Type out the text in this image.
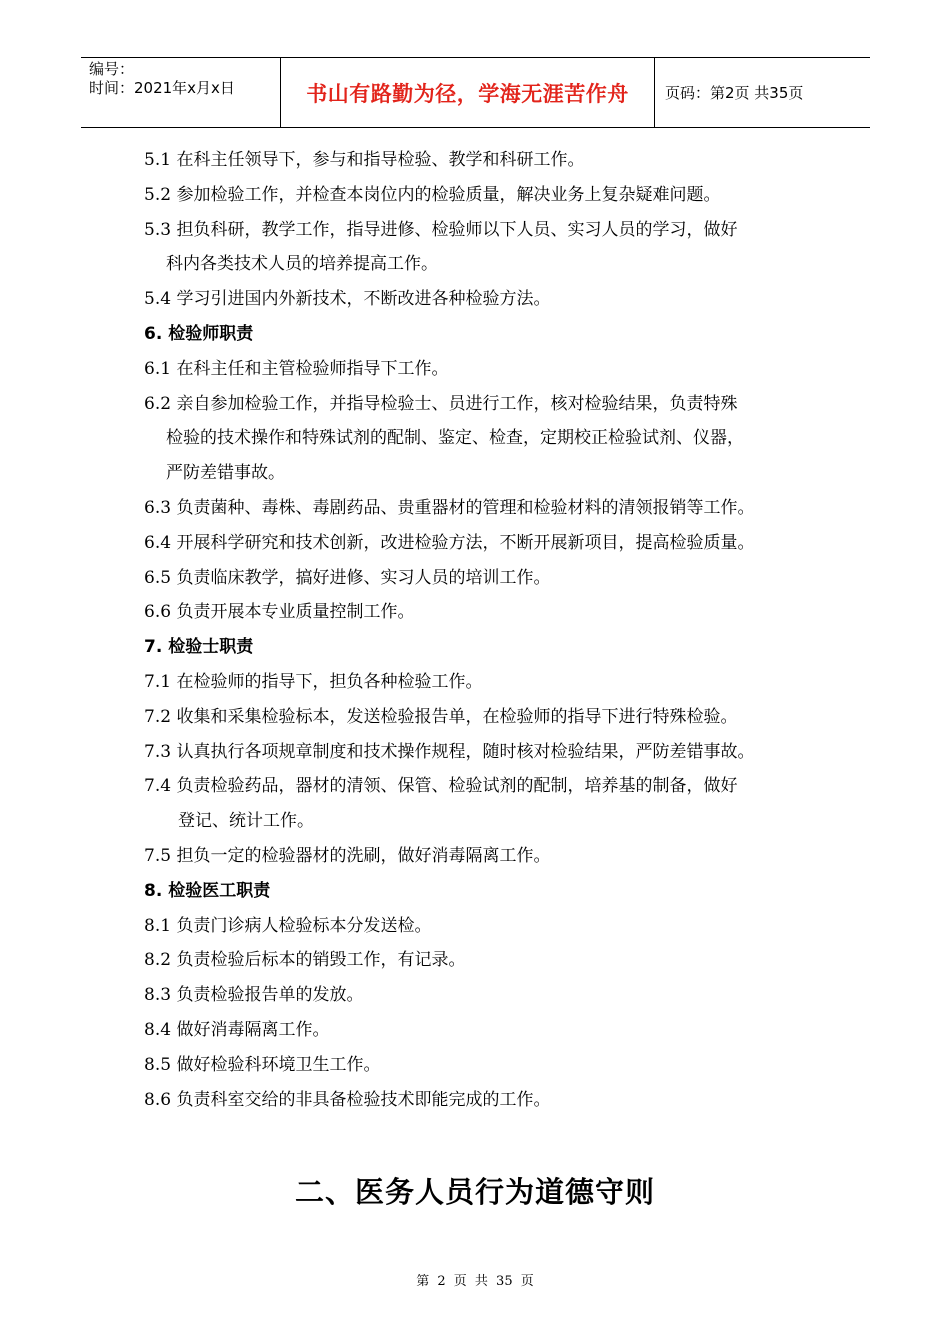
编号：
时间：2021年x月x日	书山有路勤为径，学海无涯苦作舟	页码：第2页 共35页
5.1 在科主任领导下，参与和指导检验、教学和科研工作。
5.2 参加检验工作，并检查本岗位内的检验质量，解决业务上复杂疑难问题。
5.3 担负科研，教学工作，指导进修、检验师以下人员、实习人员的学习，做好
科内各类技术人员的培养提高工作。
5.4 学习引进国内外新技术，不断改进各种检验方法。
6. 检验师职责
6.1 在科主任和主管检验师指导下工作。
6.2 亲自参加检验工作，并指导检验士、员进行工作，核对检验结果，负责特殊
检验的技术操作和特殊试剂的配制、鉴定、检查，定期校正检验试剂、仪器，
严防差错事故。
6.3 负责菌种、毒株、毒剧药品、贵重器材的管理和检验材料的清领报销等工作。
6.4 开展科学研究和技术创新，改进检验方法，不断开展新项目，提高检验质量。
6.5 负责临床教学，搞好进修、实习人员的培训工作。
6.6 负责开展本专业质量控制工作。
7. 检验士职责
7.1 在检验师的指导下，担负各种检验工作。
7.2 收集和采集检验标本，发送检验报告单，在检验师的指导下进行特殊检验。
7.3 认真执行各项规章制度和技术操作规程，随时核对检验结果，严防差错事故。
7.4 负责检验药品，器材的清领、保管、检验试剂的配制，培养基的制备，做好
登记、统计工作。
7.5 担负一定的检验器材的洗刷，做好消毒隔离工作。
8. 检验医工职责
8.1 负责门诊病人检验标本分发送检。
8.2 负责检验后标本的销毁工作，有记录。
8.3 负责检验报告单的发放。
8.4 做好消毒隔离工作。
8.5 做好检验科环境卫生工作。
8.6 负责科室交给的非具备检验技术即能完成的工作。
二、医务人员行为道德守则
第 2 页 共 35 页
